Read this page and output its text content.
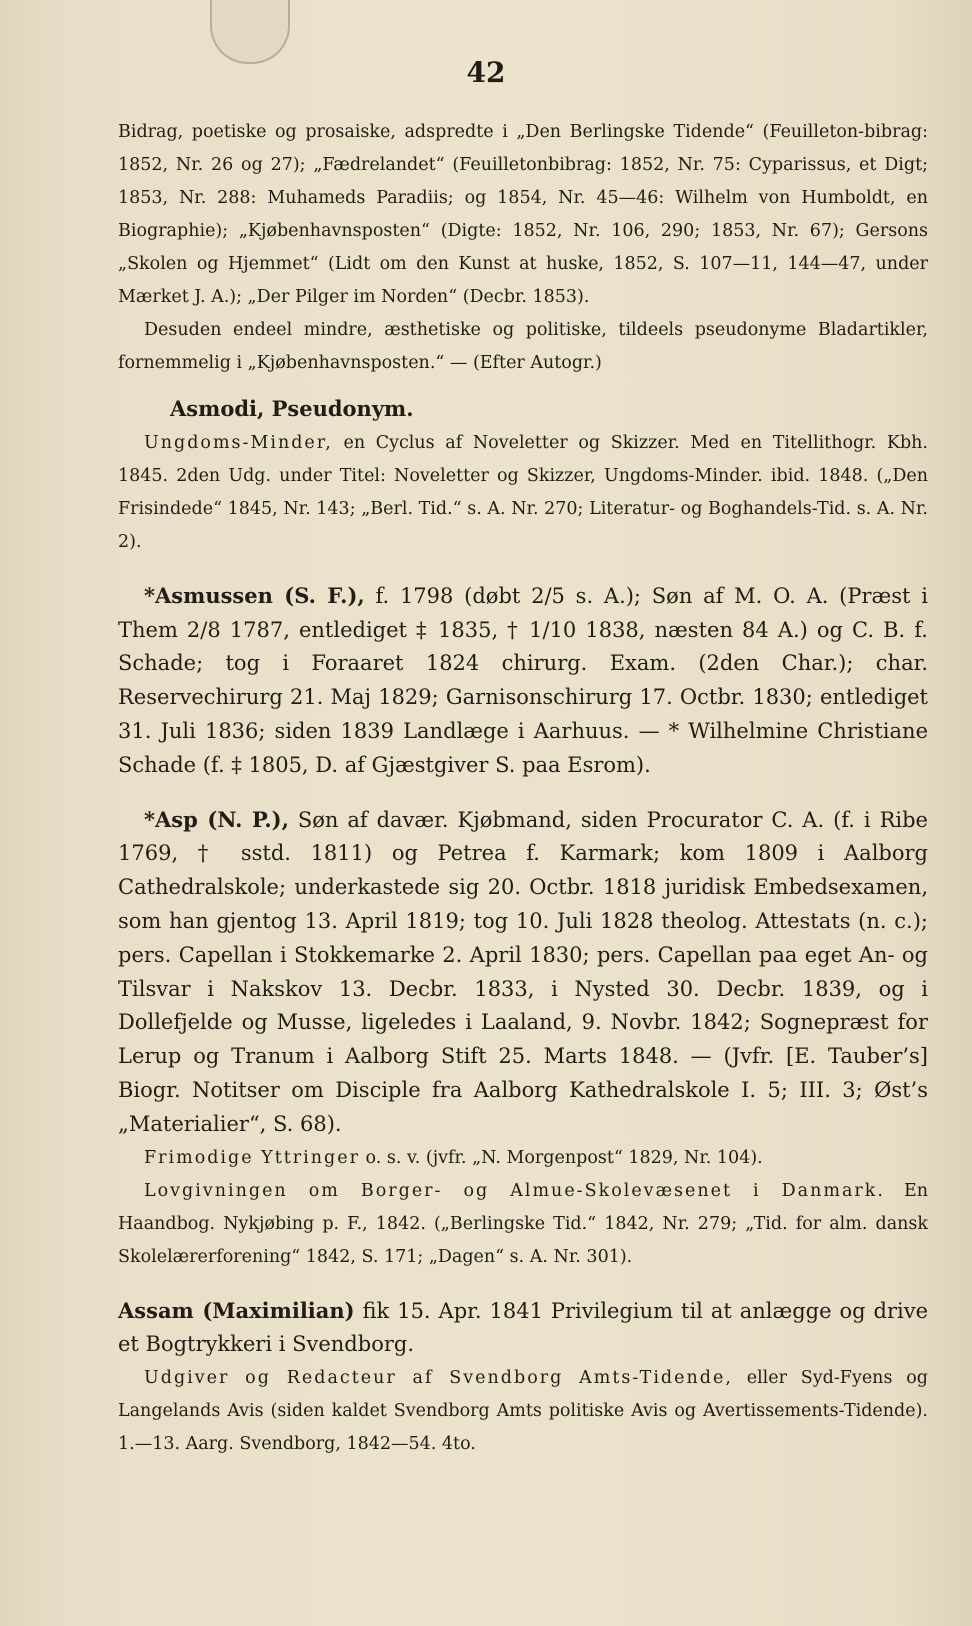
42

Bidrag, poetiske og prosaiske, adspredte i „Den Berlingske Tidende“ (Feuilleton-bibrag: 1852, Nr. 26 og 27); „Fædrelandet“ (Feuilletonbibrag: 1852, Nr. 75: Cyparissus, et Digt; 1853, Nr. 288: Muhameds Paradiis; og 1854, Nr. 45—46: Wilhelm von Humboldt, en Biographie); „Kjøbenhavnsposten“ (Digte: 1852, Nr. 106, 290; 1853, Nr. 67); Gersons „Skolen og Hjemmet“ (Lidt om den Kunst at huske, 1852, S. 107—11, 144—47, under Mærket J. A.); „Der Pilger im Norden“ (Decbr. 1853).

Desuden endeel mindre, æsthetiske og politiske, tildeels pseudonyme Bladartikler, fornemmelig i „Kjøbenhavnsposten.“ — (Efter Autogr.)

Asmodi, Pseudonym.

Ungdoms-Minder, en Cyclus af Noveletter og Skizzer. Med en Titellithogr. Kbh. 1845. 2den Udg. under Titel: Noveletter og Skizzer, Ungdoms-Minder. ibid. 1848. („Den Frisindede“ 1845, Nr. 143; „Berl. Tid.“ s. A. Nr. 270; Literatur- og Boghandels-Tid. s. A. Nr. 2).

*Asmussen (S. F.), f. 1798 (døbt 2/5 s. A.); Søn af M. O. A. (Præst i Them 2/8 1787, entlediget ‡ 1835, † 1/10 1838, næsten 84 A.) og C. B. f. Schade; tog i Foraaret 1824 chirurg. Exam. (2den Char.); char. Reservechirurg 21. Maj 1829; Garnisonschirurg 17. Octbr. 1830; entlediget 31. Juli 1836; siden 1839 Landlæge i Aarhuus. — * Wilhelmine Christiane Schade (f. ‡ 1805, D. af Gjæstgiver S. paa Esrom).

*Asp (N. P.), Søn af davær. Kjøbmand, siden Procurator C. A. (f. i Ribe 1769, † sstd. 1811) og Petrea f. Karmark; kom 1809 i Aalborg Cathedralskole; underkastede sig 20. Octbr. 1818 juridisk Embedsexamen, som han gjentog 13. April 1819; tog 10. Juli 1828 theolog. Attestats (n. c.); pers. Capellan i Stokkemarke 2. April 1830; pers. Capellan paa eget An- og Tilsvar i Nakskov 13. Decbr. 1833, i Nysted 30. Decbr. 1839, og i Dollefjelde og Musse, ligeledes i Laaland, 9. Novbr. 1842; Sognepræst for Lerup og Tranum i Aalborg Stift 25. Marts 1848. — (Jvfr. [E. Tauber’s] Biogr. Notitser om Disciple fra Aalborg Kathedralskole I. 5; III. 3; Øst’s „Materialier“, S. 68).

Frimodige Yttringer o. s. v. (jvfr. „N. Morgenpost“ 1829, Nr. 104).

Lovgivningen om Borger- og Almue-Skolevæsenet i Danmark. En Haandbog. Nykjøbing p. F., 1842. („Berlingske Tid.“ 1842, Nr. 279; „Tid. for alm. dansk Skolelærerforening“ 1842, S. 171; „Dagen“ s. A. Nr. 301).

Assam (Maximilian) fik 15. Apr. 1841 Privilegium til at anlægge og drive et Bogtrykkeri i Svendborg.

Udgiver og Redacteur af Svendborg Amts-Tidende, eller Syd-Fyens og Langelands Avis (siden kaldet Svendborg Amts politiske Avis og Avertissements-Tidende). 1.—13. Aarg. Svendborg, 1842—54. 4to.
